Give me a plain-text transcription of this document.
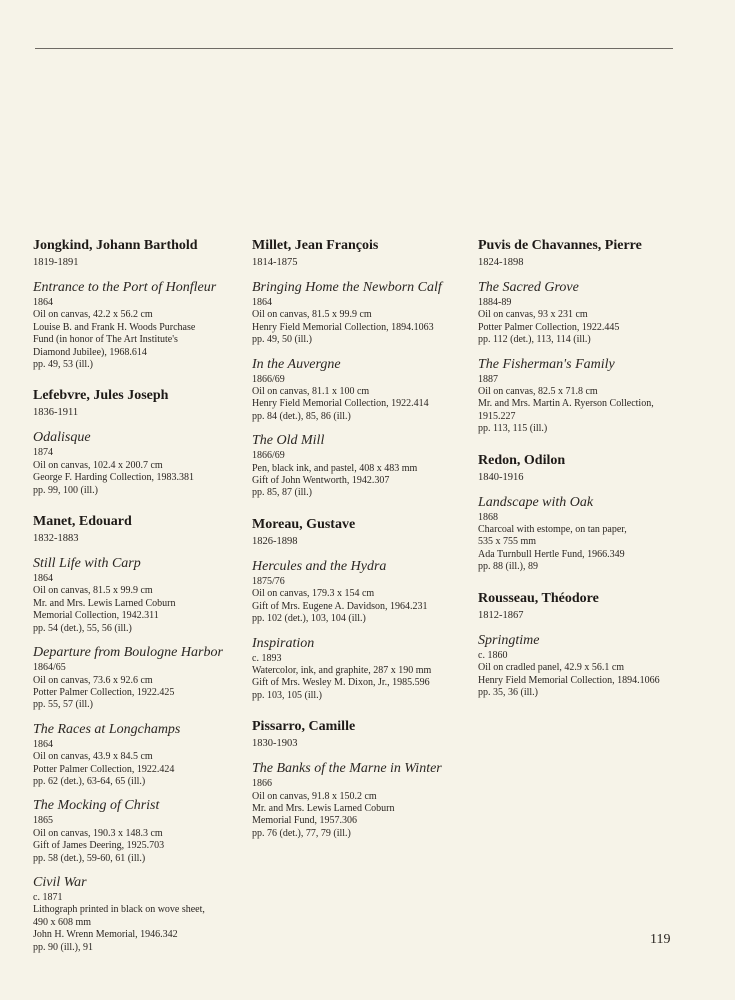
Jongkind, Johann Barthold
1819-1891
Entrance to the Port of Honfleur
1864
Oil on canvas, 42.2 x 56.2 cm
Louise B. and Frank H. Woods Purchase
Fund (in honor of The Art Institute's
Diamond Jubilee), 1968.614
pp. 49, 53 (ill.)
Lefebvre, Jules Joseph
1836-1911
Odalisque
1874
Oil on canvas, 102.4 x 200.7 cm
George F. Harding Collection, 1983.381
pp. 99, 100 (ill.)
Manet, Edouard
1832-1883
Still Life with Carp
1864
Oil on canvas, 81.5 x 99.9 cm
Mr. and Mrs. Lewis Larned Coburn
Memorial Collection, 1942.311
pp. 54 (det.), 55, 56 (ill.)
Departure from Boulogne Harbor
1864/65
Oil on canvas, 73.6 x 92.6 cm
Potter Palmer Collection, 1922.425
pp. 55, 57 (ill.)
The Races at Longchamps
1864
Oil on canvas, 43.9 x 84.5 cm
Potter Palmer Collection, 1922.424
pp. 62 (det.), 63-64, 65 (ill.)
The Mocking of Christ
1865
Oil on canvas, 190.3 x 148.3 cm
Gift of James Deering, 1925.703
pp. 58 (det.), 59-60, 61 (ill.)
Civil War
c. 1871
Lithograph printed in black on wove sheet,
490 x 608 mm
John H. Wrenn Memorial, 1946.342
pp. 90 (ill.), 91
Millet, Jean François
1814-1875
Bringing Home the Newborn Calf
1864
Oil on canvas, 81.5 x 99.9 cm
Henry Field Memorial Collection, 1894.1063
pp. 49, 50 (ill.)
In the Auvergne
1866/69
Oil on canvas, 81.1 x 100 cm
Henry Field Memorial Collection, 1922.414
pp. 84 (det.), 85, 86 (ill.)
The Old Mill
1866/69
Pen, black ink, and pastel, 408 x 483 mm
Gift of John Wentworth, 1942.307
pp. 85, 87 (ill.)
Moreau, Gustave
1826-1898
Hercules and the Hydra
1875/76
Oil on canvas, 179.3 x 154 cm
Gift of Mrs. Eugene A. Davidson, 1964.231
pp. 102 (det.), 103, 104 (ill.)
Inspiration
c. 1893
Watercolor, ink, and graphite, 287 x 190 mm
Gift of Mrs. Wesley M. Dixon, Jr., 1985.596
pp. 103, 105 (ill.)
Pissarro, Camille
1830-1903
The Banks of the Marne in Winter
1866
Oil on canvas, 91.8 x 150.2 cm
Mr. and Mrs. Lewis Larned Coburn
Memorial Fund, 1957.306
pp. 76 (det.), 77, 79 (ill.)
Puvis de Chavannes, Pierre
1824-1898
The Sacred Grove
1884-89
Oil on canvas, 93 x 231 cm
Potter Palmer Collection, 1922.445
pp. 112 (det.), 113, 114 (ill.)
The Fisherman's Family
1887
Oil on canvas, 82.5 x 71.8 cm
Mr. and Mrs. Martin A. Ryerson Collection,
1915.227
pp. 113, 115 (ill.)
Redon, Odilon
1840-1916
Landscape with Oak
1868
Charcoal with estompe, on tan paper,
535 x 755 mm
Ada Turnbull Hertle Fund, 1966.349
pp. 88 (ill.), 89
Rousseau, Théodore
1812-1867
Springtime
c. 1860
Oil on cradled panel, 42.9 x 56.1 cm
Henry Field Memorial Collection, 1894.1066
pp. 35, 36 (ill.)
119
